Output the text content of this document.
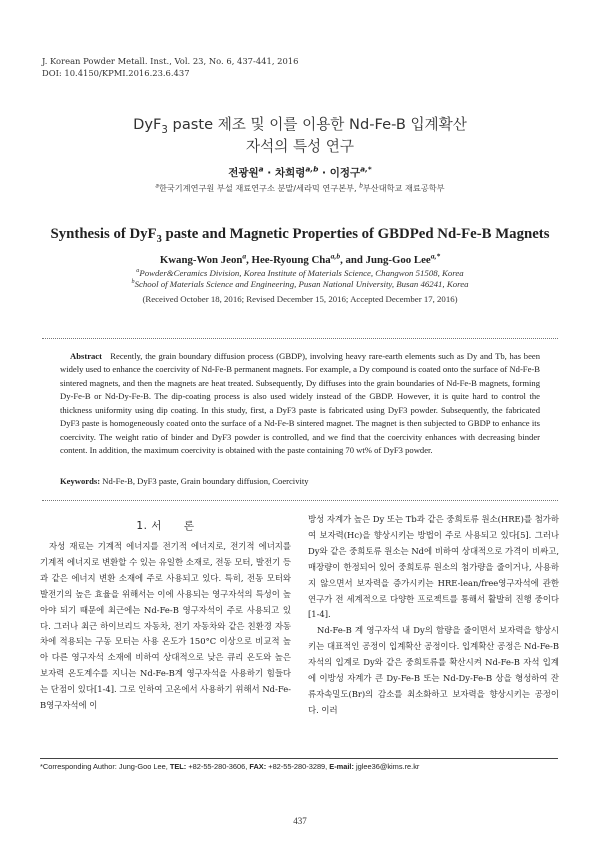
J. Korean Powder Metall. Inst., Vol. 23, No. 6, 437-441, 2016
DOI: 10.4150/KPMI.2016.23.6.437
DyF$_3$ paste 제조 및 이를 이용한 Nd-Fe-B 입계확산
자석의 특성 연구
전광원$^a$ · 차희령$^{a,b}$ · 이정구$^{a,*}$
$^a$한국기계연구원 부설 재료연구소 분말/세라믹 연구본부, $^b$부산대학교 재료공학부
Synthesis of DyF$_3$ paste and Magnetic Properties of GBDPed Nd-Fe-B Magnets
Kwang-Won Jeon$^a$, Hee-Ryoung Cha$^{a,b}$, and Jung-Goo Lee$^{a,*}$
$^a$Powder&Ceramics Division, Korea Institute of Materials Science, Changwon 51508, Korea
$^b$School of Materials Science and Engineering, Pusan National University, Busan 46241, Korea
(Received October 18, 2016; Revised December 15, 2016; Accepted December 17, 2016)
Abstract Recently, the grain boundary diffusion process (GBDP), involving heavy rare-earth elements such as Dy and Tb, has been widely used to enhance the coercivity of Nd-Fe-B permanent magnets. For example, a Dy compound is coated onto the surface of Nd-Fe-B sintered magnets, and then the magnets are heat treated. Subsequently, Dy diffuses into the grain boundaries of Nd-Fe-B magnets, forming Dy-Fe-B or Nd-Dy-Fe-B. The dip-coating process is also used widely instead of the GBDP. However, it is quite hard to control the thickness uniformity using dip coating. In this study, first, a DyF3 paste is fabricated using DyF3 powder. Subsequently, the fabricated DyF3 paste is homogeneously coated onto the surface of a Nd-Fe-B sintered magnet. The magnet is then subjected to GBDP to enhance its coercivity. The weight ratio of binder and DyF3 powder is controlled, and we find that the coercivity enhances with decreasing binder content. In addition, the maximum coercivity is obtained with the paste containing 70 wt% of DyF3 powder.
Keywords: Nd-Fe-B, DyF3 paste, Grain boundary diffusion, Coercivity
1. 서　　론

자성 재료는 기계적 에너지를 전기적 에너지로, 전기적 에너지를 기계적 에너지로 변환할 수 있는 유일한 소재로, 전동 모터, 발전기 등과 같은 에너지 변환 소재에 주로 사용되고 있다. 특히, 전동 모터와 발전기의 높은 효율을 위해서는 이에 사용되는 영구자석의 특성이 높아야 되기 때문에 최근에는 Nd-Fe-B 영구자석이 주로 사용되고 있다. 그러나 최근 하이브리드 자동차, 전기 자동차와 같은 친환경 자동차에 적용되는 구동 모터는 사용 온도가 150°C 이상으로 비교적 높아 다른 영구자석 소재에 비하여 상대적으로 낮은 큐리 온도와 높은 보자력 온도계수를 지니는 Nd-Fe-B계 영구자석을 사용하기 힘들다는 단점이 있다[1-4]. 그로 인하여 고온에서 사용하기 위해서 Nd-Fe-B영구자석에 이

방성 자계가 높은 Dy 또는 Tb과 같은 중희토류 원소(HRE)를 첨가하여 보자력(Hc)을 향상시키는 방법이 주로 사용되고 있다[5]. 그러나 Dy와 같은 중희토류 원소는 Nd에 비하여 상대적으로 가격이 비싸고, 매장량이 한정되어 있어 중희토류 원소의 첨가량을 줄이거나, 사용하지 않으면서 보자력을 증가시키는 HRE-lean/free영구자석에 관한 연구가 전 세계적으로 다양한 프로젝트를 통해서 활발히 진행 중이다[1-4].

Nd-Fe-B 계 영구자석 내 Dy의 함량을 줄이면서 보자력을 향상시키는 대표적인 공정이 입계확산 공정이다. 입계확산 공정은 Nd-Fe-B 자석의 입계로 Dy와 같은 중희토류를 확산시켜 Nd-Fe-B 자석 입계에 이방성 자계가 큰 Dy-Fe-B 또는 Nd-Dy-Fe-B 상을 형성하여 잔류자속밀도(Br)의 감소를 최소화하고 보자력을 향상시키는 공정이다. 이러

*Corresponding Author: Jung-Goo Lee, TEL: +82-55-280-3606, FAX: +82-55-280-3289, E-mail: jglee36@kims.re.kr
437
